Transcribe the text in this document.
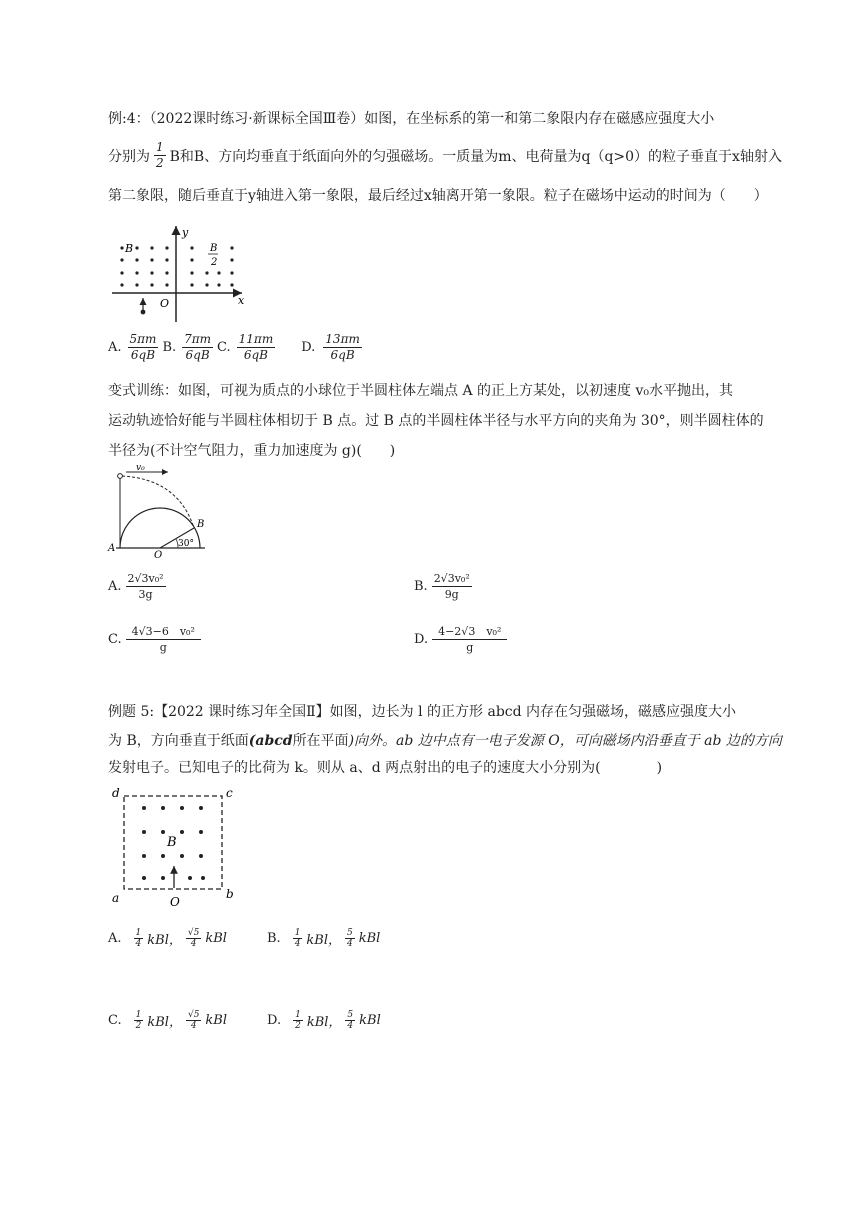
例:4：（2022课时练习·新课标全国Ⅲ卷）如图，在坐标系的第一和第二象限内存在磁感应强度大小
分别为 $\frac{1}{2}$ B和B、方向均垂直于纸面向外的匀强磁场。一质量为m、电荷量为q（q>0）的粒子垂直于x轴射入
第二象限，随后垂直于y轴进入第一象限，最后经过x轴离开第一象限。粒子在磁场中运动的时间为（　　）
B	B
2
O	x
y
A. $\frac{5\pi m}{6qB} B$. $\frac{7\pi m}{6qB} C$. $\frac{11\pi m}{6qB} D$. $\frac{13\pi m}{6qB}$
变式训练：如图，可视为质点的小球位于半圆柱体左端点 A 的正上方某处，以初速度 v₀水平抛出，其
运动轨迹恰好能与半圆柱体相切于 B 点。过 B 点的半圆柱体半径与水平方向的夹角为 30°，则半圆柱体的
半径为(不计空气阻力，重力加速度为 g)(　　)
v₀
A
O
B
30°
A. $\frac{\text{2√3v₀²}}{3g}$	B. $\frac{\text{2√3v₀²}}{9g}$
C. $\frac{\text{4√3−6　v₀²}}{g}$	D. $\frac{\text{4−2√3　v₀²}}{g}$
例题 5:【2022 课时练习年全国Ⅱ】如图，边长为 l 的正方形 abcd 内存在匀强磁场，磁感应强度大小
为 B，方向垂直于纸面(abcd所在平面)向外。ab 边中点有一电子发源 O，可向磁场内沿垂直于 ab 边的方向
发射电子。已知电子的比荷为 k。则从 a、d 两点射出的电子的速度大小分别为(　　　　)
d	c
a	b
B
O
A. $\frac{1}{4}$ kBl， $\frac{√5}{4}$ kBl	B. $\frac{1}{4}$ kBl， $\frac{5}{4}$ kBl
C. $\frac{1}{2}$ kBl， $\frac{√5}{4}$ kBl	D. $\frac{1}{2}$ kBl， $\frac{5}{4}$ kBl
